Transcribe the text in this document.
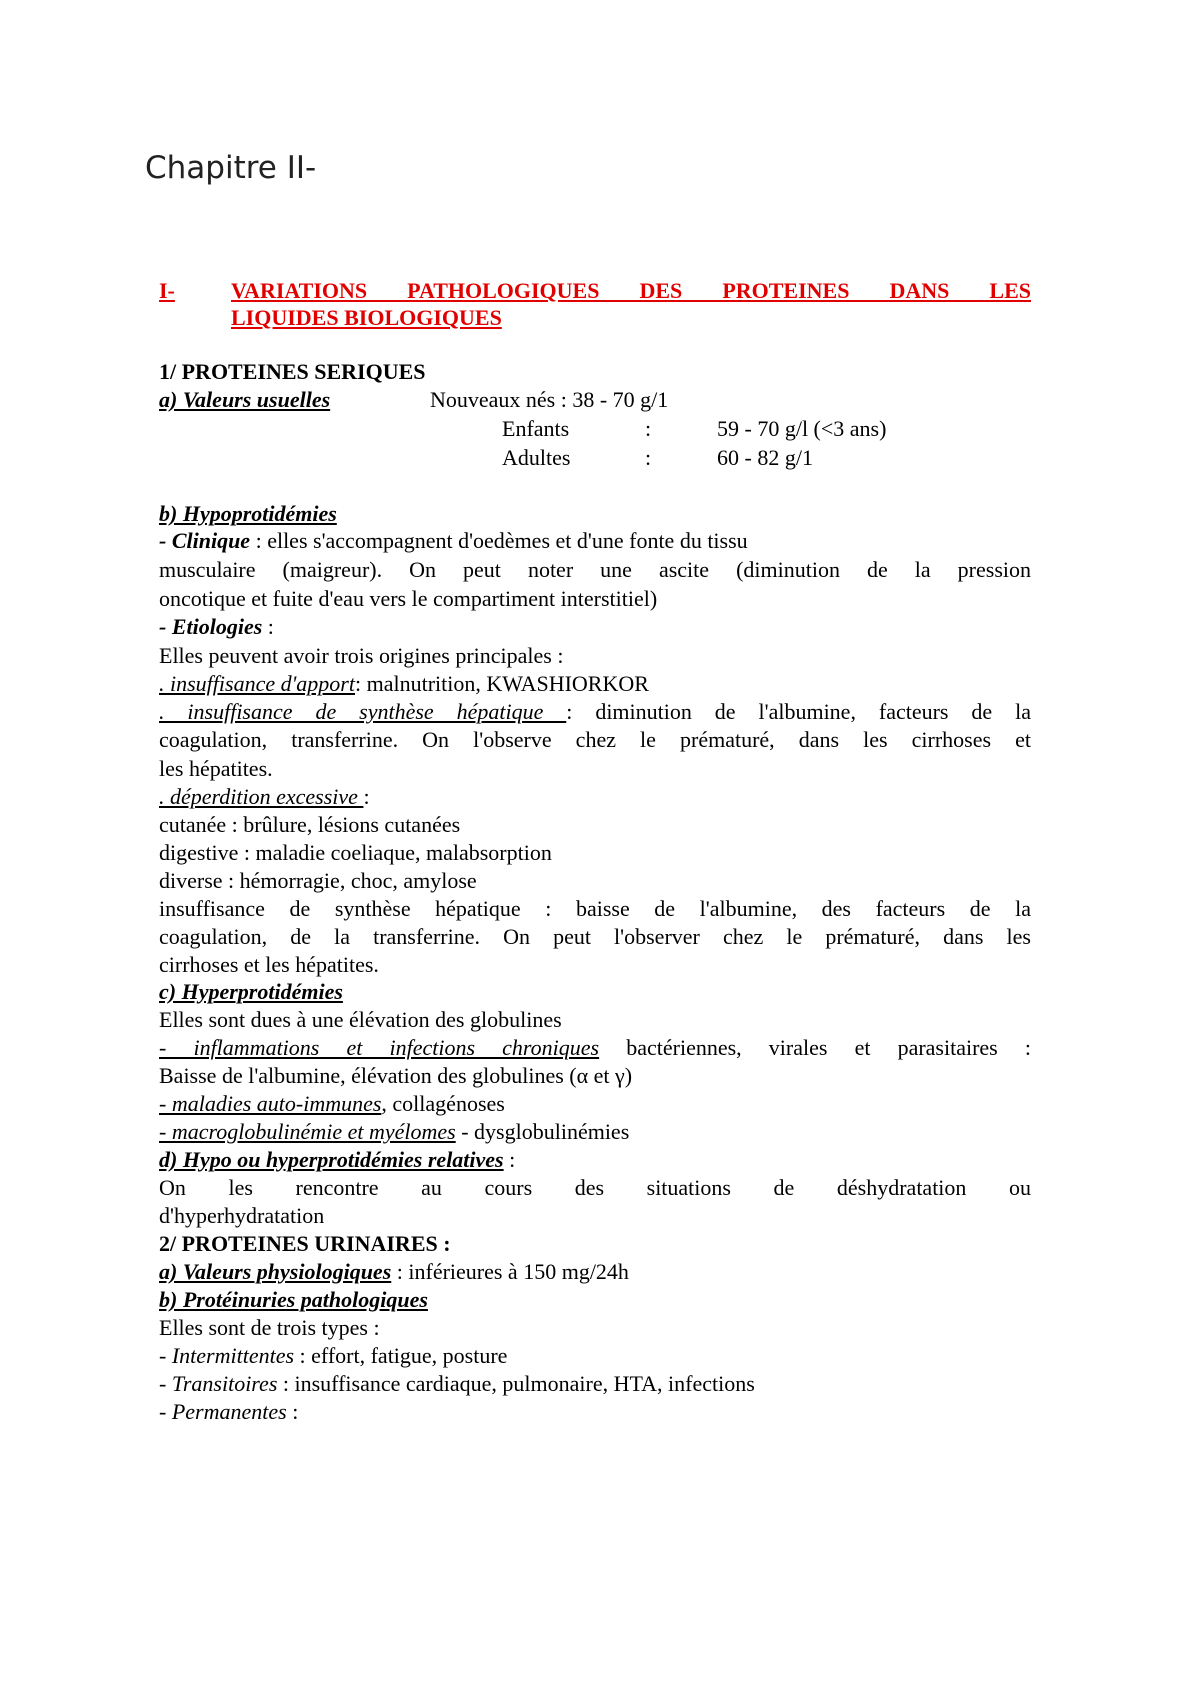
Chapitre II-
I-	VARIATIONS PATHOLOGIQUES DES PROTEINES DANS LES
LIQUIDES BIOLOGIQUES
1/ PROTEINES SERIQUES
a) Valeurs usuelles	Nouveaux nés : 38 - 70 g/1
Enfants	:	59 - 70 g/l (<3 ans)
Adultes	:	60 - 82 g/1
b) Hypoprotidémies
- Clinique : elles s'accompagnent d'oedèmes et d'une fonte du tissu
musculaire (maigreur). On peut noter une ascite (diminution de la pression
oncotique et fuite d'eau vers le compartiment interstitiel)
- Etiologies :
Elles peuvent avoir trois origines principales :
. insuffisance d'apport: malnutrition, KWASHIORKOR
. insuffisance de synthèse hépatique : diminution de l'albumine, facteurs de la
coagulation, transferrine. On l'observe chez le prématuré, dans les cirrhoses et
les hépatites.
. déperdition excessive :
cutanée : brûlure, lésions cutanées
digestive : maladie coeliaque, malabsorption
diverse : hémorragie, choc, amylose
insuffisance de synthèse hépatique : baisse de l'albumine, des facteurs de la
coagulation, de la transferrine. On peut l'observer chez le prématuré, dans les
cirrhoses et les hépatites.
c) Hyperprotidémies
Elles sont dues à une élévation des globulines
- inflammations et infections chroniques bactériennes, virales et parasitaires :
Baisse de l'albumine, élévation des globulines (α et γ)
- maladies auto-immunes, collagénoses
- macroglobulinémie et myélomes - dysglobulinémies
d) Hypo ou hyperprotidémies relatives :
On les rencontre au cours des situations de déshydratation ou
d'hyperhydratation
2/ PROTEINES URINAIRES :
a) Valeurs physiologiques : inférieures à 150 mg/24h
b) Protéinuries pathologiques
Elles sont de trois types :
- Intermittentes : effort, fatigue, posture
- Transitoires : insuffisance cardiaque, pulmonaire, HTA, infections
- Permanentes :
